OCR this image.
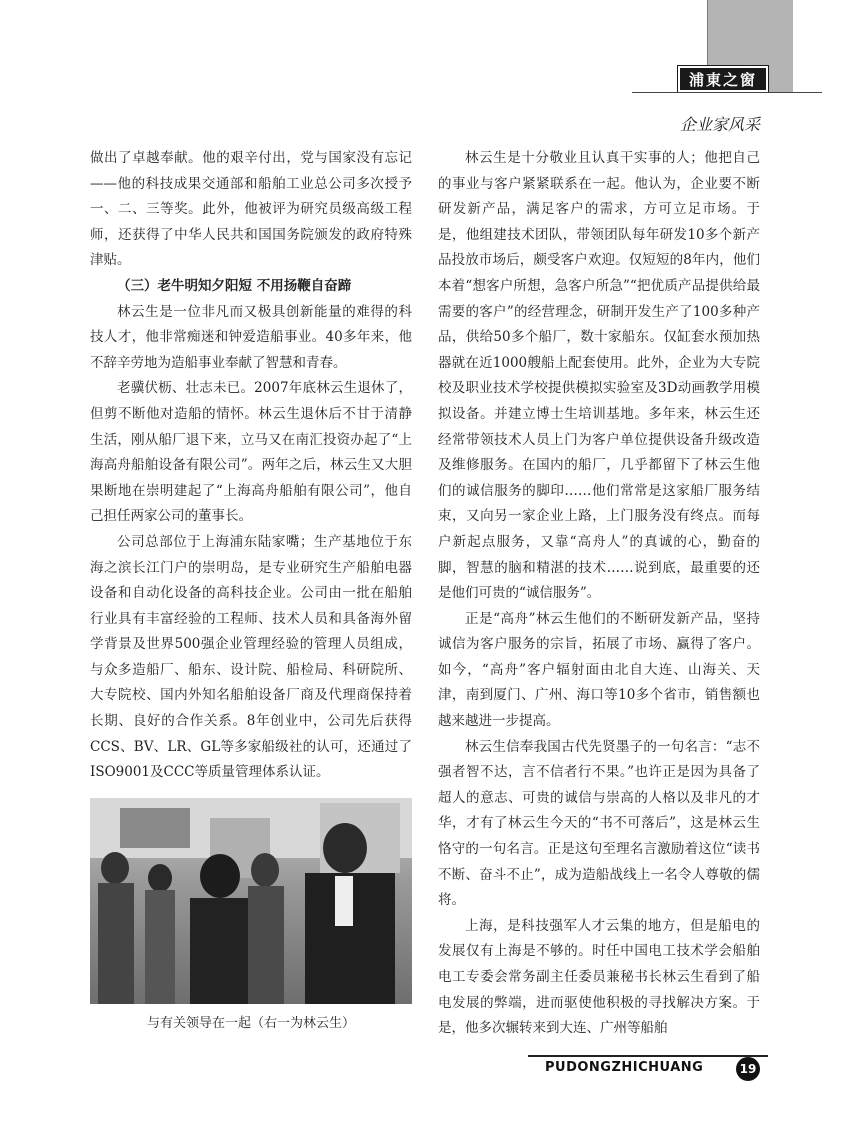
浦東之窗
企业家风采

做出了卓越奉献。他的艰辛付出，党与国家没有忘记——他的科技成果交通部和船舶工业总公司多次授予一、二、三等奖。此外，他被评为研究员级高级工程师，还获得了中华人民共和国国务院颁发的政府特殊津贴。

（三）老牛明知夕阳短 不用扬鞭自奋蹄

林云生是一位非凡而又极具创新能量的难得的科技人才，他非常痴迷和钟爱造船事业。40多年来，他不辞辛劳地为造船事业奉献了智慧和青春。

老骥伏枥、壮志未已。2007年底林云生退休了，但剪不断他对造船的情怀。林云生退休后不甘于清静生活，刚从船厂退下来，立马又在南汇投资办起了“上海高舟船舶设备有限公司”。两年之后，林云生又大胆果断地在崇明建起了“上海高舟船舶有限公司”，他自己担任两家公司的董事长。

公司总部位于上海浦东陆家嘴；生产基地位于东海之滨长江门户的崇明岛，是专业研究生产船舶电器设备和自动化设备的高科技企业。公司由一批在船舶行业具有丰富经验的工程师、技术人员和具备海外留学背景及世界500强企业管理经验的管理人员组成，与众多造船厂、船东、设计院、船检局、科研院所、大专院校、国内外知名船舶设备厂商及代理商保持着长期、良好的合作关系。8年创业中，公司先后获得CCS、BV、LR、GL等多家船级社的认可，还通过了ISO9001及CCC等质量管理体系认证。

与有关领导在一起（右一为林云生）

林云生是十分敬业且认真干实事的人；他把自己的事业与客户紧紧联系在一起。他认为，企业要不断研发新产品，满足客户的需求，方可立足市场。于是，他组建技术团队，带领团队每年研发10多个新产品投放市场后，颇受客户欢迎。仅短短的8年内，他们本着“想客户所想，急客户所急”“把优质产品提供给最需要的客户”的经营理念，研制开发生产了100多种产品，供给50多个船厂，数十家船东。仅缸套水预加热器就在近1000艘船上配套使用。此外，企业为大专院校及职业技术学校提供模拟实验室及3D动画教学用模拟设备。并建立博士生培训基地。多年来，林云生还经常带领技术人员上门为客户单位提供设备升级改造及维修服务。在国内的船厂，几乎都留下了林云生他们的诚信服务的脚印……他们常常是这家船厂服务结束，又向另一家企业上路，上门服务没有终点。而每户新起点服务，又靠“高舟人”的真诚的心，勤奋的脚，智慧的脑和精湛的技术……说到底，最重要的还是他们可贵的“诚信服务”。

正是“高舟”林云生他们的不断研发新产品，坚持诚信为客户服务的宗旨，拓展了市场、赢得了客户。如今，“高舟”客户辐射面由北自大连、山海关、天津，南到厦门、广州、海口等10多个省市，销售额也越来越进一步提高。

林云生信奉我国古代先贤墨子的一句名言：“志不强者智不达，言不信者行不果。”也许正是因为具备了超人的意志、可贵的诚信与崇高的人格以及非凡的才华，才有了林云生今天的“书不可落后”，这是林云生恪守的一句名言。正是这句至理名言激励着这位“读书不断、奋斗不止”，成为造船战线上一名令人尊敬的儒将。

上海，是科技强军人才云集的地方，但是船电的发展仅有上海是不够的。时任中国电工技术学会船舶电工专委会常务副主任委员兼秘书长林云生看到了船电发展的弊端，进而驱使他积极的寻找解决方案。于是，他多次辗转来到大连、广州等船舶

PUDONGZHICHUANG	19
